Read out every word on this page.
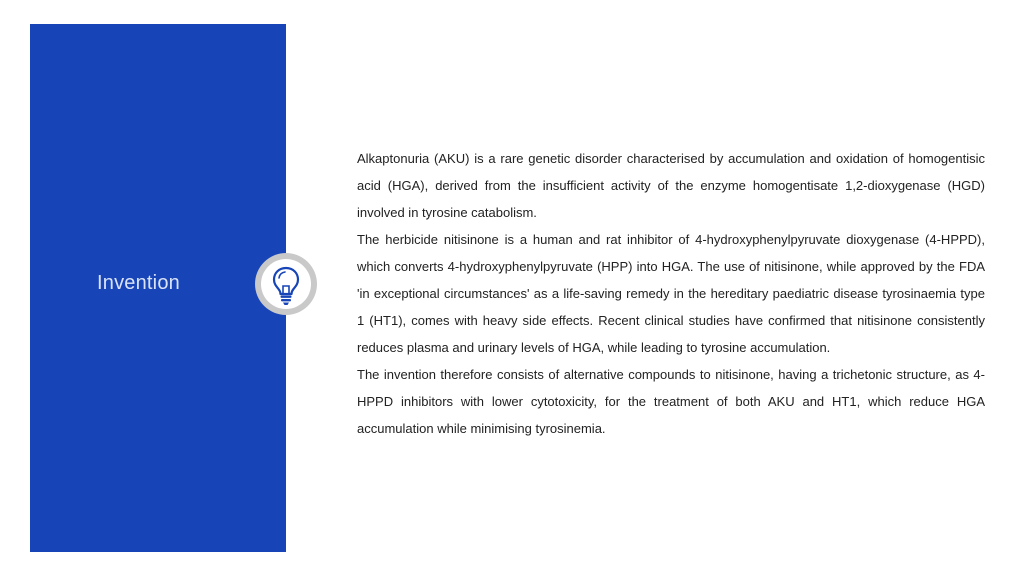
Invention

Alkaptonuria (AKU) is a rare genetic disorder characterised by accumulation and oxidation of homogentisic acid (HGA), derived from the insufficient activity of the enzyme homogentisate 1,2-dioxygenase (HGD) involved in tyrosine catabolism.

The herbicide nitisinone is a human and rat inhibitor of 4-hydroxyphenylpyruvate dioxygenase (4-HPPD), which converts 4-hydroxyphenylpyruvate (HPP) into HGA. The use of nitisinone, while approved by the FDA 'in exceptional circumstances' as a life-saving remedy in the hereditary paediatric disease tyrosinaemia type 1 (HT1), comes with heavy side effects. Recent clinical studies have confirmed that nitisinone consistently reduces plasma and urinary levels of HGA, while leading to tyrosine accumulation.

The invention therefore consists of alternative compounds to nitisinone, having a trichetonic structure, as 4-HPPD inhibitors with lower cytotoxicity, for the treatment of both AKU and HT1, which reduce HGA accumulation while minimising tyrosinemia.
